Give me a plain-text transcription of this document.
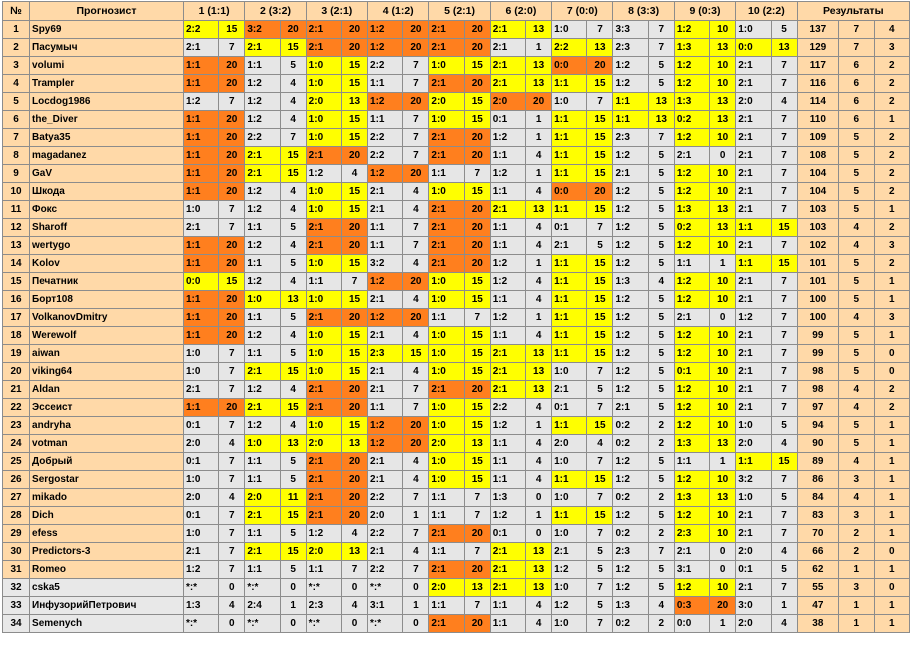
№	Прогнозист	1 (1:1)		2 (3:2)		3 (2:1)		4 (1:2)		5 (2:1)		6 (2:0)		7 (0:0)		8 (3:3)		9 (0:3)		10 (2:2)		Результаты		
1	Spy69	2:2	15	3:2	20	2:1	20	1:2	20	2:1	20	2:1	13	1:0	7	3:3	7	1:2	10	1:0	5	137	7	4
2	Пасумыч	2:1	7	2:1	15	2:1	20	1:2	20	2:1	20	2:1	1	2:2	13	2:3	7	1:3	13	0:0	13	129	7	3
3	volumi	1:1	20	1:1	5	1:0	15	2:2	7	1:0	15	2:1	13	0:0	20	1:2	5	1:2	10	2:1	7	117	6	2
4	Trampler	1:1	20	1:2	4	1:0	15	1:1	7	2:1	20	2:1	13	1:1	15	1:2	5	1:2	10	2:1	7	116	6	2
5	Locdog1986	1:2	7	1:2	4	2:0	13	1:2	20	2:0	15	2:0	20	1:0	7	1:1	13	1:3	13	2:0	4	114	6	2
6	the_Diver	1:1	20	1:2	4	1:0	15	1:1	7	1:0	15	0:1	1	1:1	15	1:1	13	0:2	13	2:1	7	110	6	1
7	Batya35	1:1	20	2:2	7	1:0	15	2:2	7	2:1	20	1:2	1	1:1	15	2:3	7	1:2	10	2:1	7	109	5	2
8	magadanez	1:1	20	2:1	15	2:1	20	2:2	7	2:1	20	1:1	4	1:1	15	1:2	5	2:1	0	2:1	7	108	5	2
9	GaV	1:1	20	2:1	15	1:2	4	1:2	20	1:1	7	1:2	1	1:1	15	2:1	5	1:2	10	2:1	7	104	5	2
10	Шкода	1:1	20	1:2	4	1:0	15	2:1	4	1:0	15	1:1	4	0:0	20	1:2	5	1:2	10	2:1	7	104	5	2
11	Фокс	1:0	7	1:2	4	1:0	15	2:1	4	2:1	20	2:1	13	1:1	15	1:2	5	1:3	13	2:1	7	103	5	1
12	Sharoff	2:1	7	1:1	5	2:1	20	1:1	7	2:1	20	1:1	4	0:1	7	1:2	5	0:2	13	1:1	15	103	4	2
13	wertygo	1:1	20	1:2	4	2:1	20	1:1	7	2:1	20	1:1	4	2:1	5	1:2	5	1:2	10	2:1	7	102	4	3
14	Kolov	1:1	20	1:1	5	1:0	15	3:2	4	2:1	20	1:2	1	1:1	15	1:2	5	1:1	1	1:1	15	101	5	2
15	Печатник	0:0	15	1:2	4	1:1	7	1:2	20	1:0	15	1:2	4	1:1	15	1:3	4	1:2	10	2:1	7	101	5	1
16	Борт108	1:1	20	1:0	13	1:0	15	2:1	4	1:0	15	1:1	4	1:1	15	1:2	5	1:2	10	2:1	7	100	5	1
17	VolkanovDmitry	1:1	20	1:1	5	2:1	20	1:2	20	1:1	7	1:2	1	1:1	15	1:2	5	2:1	0	1:2	7	100	4	3
18	Werewolf	1:1	20	1:2	4	1:0	15	2:1	4	1:0	15	1:1	4	1:1	15	1:2	5	1:2	10	2:1	7	99	5	1
19	aiwan	1:0	7	1:1	5	1:0	15	2:3	15	1:0	15	2:1	13	1:1	15	1:2	5	1:2	10	2:1	7	99	5	0
20	viking64	1:0	7	2:1	15	1:0	15	2:1	4	1:0	15	2:1	13	1:0	7	1:2	5	0:1	10	2:1	7	98	5	0
21	Aldan	2:1	7	1:2	4	2:1	20	2:1	7	2:1	20	2:1	13	2:1	5	1:2	5	1:2	10	2:1	7	98	4	2
22	Эссеист	1:1	20	2:1	15	2:1	20	1:1	7	1:0	15	2:2	4	0:1	7	2:1	5	1:2	10	2:1	7	97	4	2
23	andryha	0:1	7	1:2	4	1:0	15	1:2	20	1:0	15	1:2	1	1:1	15	0:2	2	1:2	10	1:0	5	94	5	1
24	votman	2:0	4	1:0	13	2:0	13	1:2	20	2:0	13	1:1	4	2:0	4	0:2	2	1:3	13	2:0	4	90	5	1
25	Добрый	0:1	7	1:1	5	2:1	20	2:1	4	1:0	15	1:1	4	1:0	7	1:2	5	1:1	1	1:1	15	89	4	1
26	Sergostar	1:0	7	1:1	5	2:1	20	2:1	4	1:0	15	1:1	4	1:1	15	1:2	5	1:2	10	3:2	7	86	3	1
27	mikado	2:0	4	2:0	11	2:1	20	2:2	7	1:1	7	1:3	0	1:0	7	0:2	2	1:3	13	1:0	5	84	4	1
28	Dich	0:1	7	2:1	15	2:1	20	2:0	1	1:1	7	1:2	1	1:1	15	1:2	5	1:2	10	2:1	7	83	3	1
29	efess	1:0	7	1:1	5	1:2	4	2:2	7	2:1	20	0:1	0	1:0	7	0:2	2	2:3	10	2:1	7	70	2	1
30	Predictors-3	2:1	7	2:1	15	2:0	13	2:1	4	1:1	7	2:1	13	2:1	5	2:3	7	2:1	0	2:0	4	66	2	0
31	Romeo	1:2	7	1:1	5	1:1	7	2:2	7	2:1	20	2:1	13	1:2	5	1:2	5	3:1	0	0:1	5	62	1	1
32	cska5	*:*	0	*:*	0	*:*	0	*:*	0	2:0	13	2:1	13	1:0	7	1:2	5	1:2	10	2:1	7	55	3	0
33	ИнфузорийПетрович	1:3	4	2:4	1	2:3	4	3:1	1	1:1	7	1:1	4	1:2	5	1:3	4	0:3	20	3:0	1	47	1	1
34	Semenych	*:*	0	*:*	0	*:*	0	*:*	0	2:1	20	1:1	4	1:0	7	0:2	2	0:0	1	2:0	4	38	1	1
